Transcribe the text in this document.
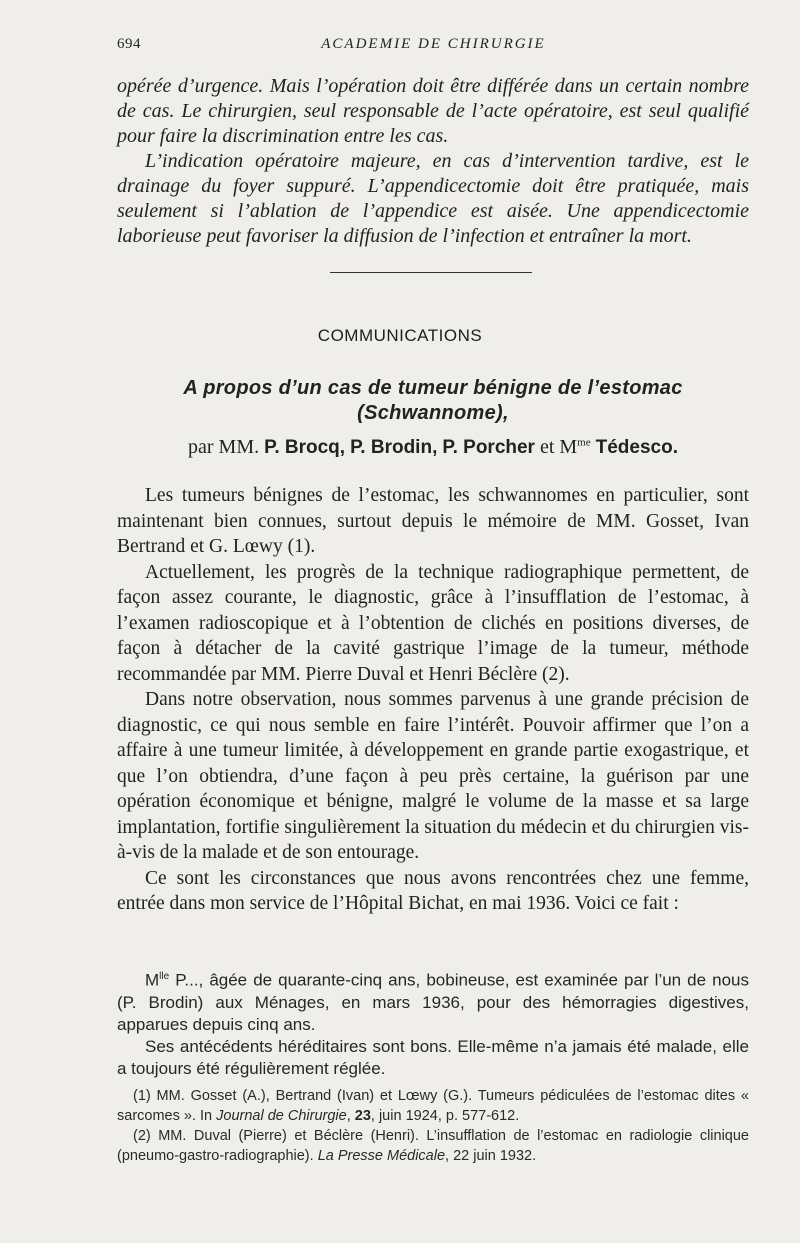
694	ACADEMIE DE CHIRURGIE

opérée d’urgence. Mais l’opération doit être différée dans un certain nombre de cas. Le chirurgien, seul responsable de l’acte opératoire, est seul qualifié pour faire la discrimination entre les cas.

L’indication opératoire majeure, en cas d’intervention tardive, est le drainage du foyer suppuré. L’appendicectomie doit être pratiquée, mais seulement si l’ablation de l’appendice est aisée. Une appendicectomie laborieuse peut favoriser la diffusion de l’infection et entraîner la mort.

COMMUNICATIONS
A propos d’un cas de tumeur bénigne de l’estomac
(Schwannome),
par MM. P. Brocq, P. Brodin, P. Porcher et $M^{me}$ Tédesco.

Les tumeurs bénignes de l’estomac, les schwannomes en particulier, sont maintenant bien connues, surtout depuis le mémoire de MM. Gosset, Ivan Bertrand et G. Lœwy (1).

Actuellement, les progrès de la technique radiographique permettent, de façon assez courante, le diagnostic, grâce à l’insufflation de l’estomac, à l’examen radioscopique et à l’obtention de clichés en positions diverses, de façon à détacher de la cavité gastrique l’image de la tumeur, méthode recommandée par MM. Pierre Duval et Henri Béclère (2).

Dans notre observation, nous sommes parvenus à une grande précision de diagnostic, ce qui nous semble en faire l’intérêt. Pouvoir affirmer que l’on a affaire à une tumeur limitée, à développement en grande partie exogastrique, et que l’on obtiendra, d’une façon à peu près certaine, la guérison par une opération économique et bénigne, malgré le volume de la masse et sa large implantation, fortifie singulièrement la situation du médecin et du chirurgien vis-à-vis de la malade et de son entourage.

Ce sont les circonstances que nous avons rencontrées chez une femme, entrée dans mon service de l’Hôpital Bichat, en mai 1936. Voici ce fait :

$M^{lle}$ P..., âgée de quarante-cinq ans, bobineuse, est examinée par l’un de nous (P. Brodin) aux Ménages, en mars 1936, pour des hémorragies digestives, apparues depuis cinq ans.

Ses antécédents héréditaires sont bons. Elle-même n’a jamais été malade, elle a toujours été régulièrement réglée.

(1) MM. Gosset (A.), Bertrand (Ivan) et Lœwy (G.). Tumeurs pédiculées de l’estomac dites « sarcomes ». In Journal de Chirurgie, 23, juin 1924, p. 577-612.

(2) MM. Duval (Pierre) et Béclère (Henri). L’insufflation de l’estomac en radiologie clinique (pneumo-gastro-radiographie). La Presse Médicale, 22 juin 1932.
